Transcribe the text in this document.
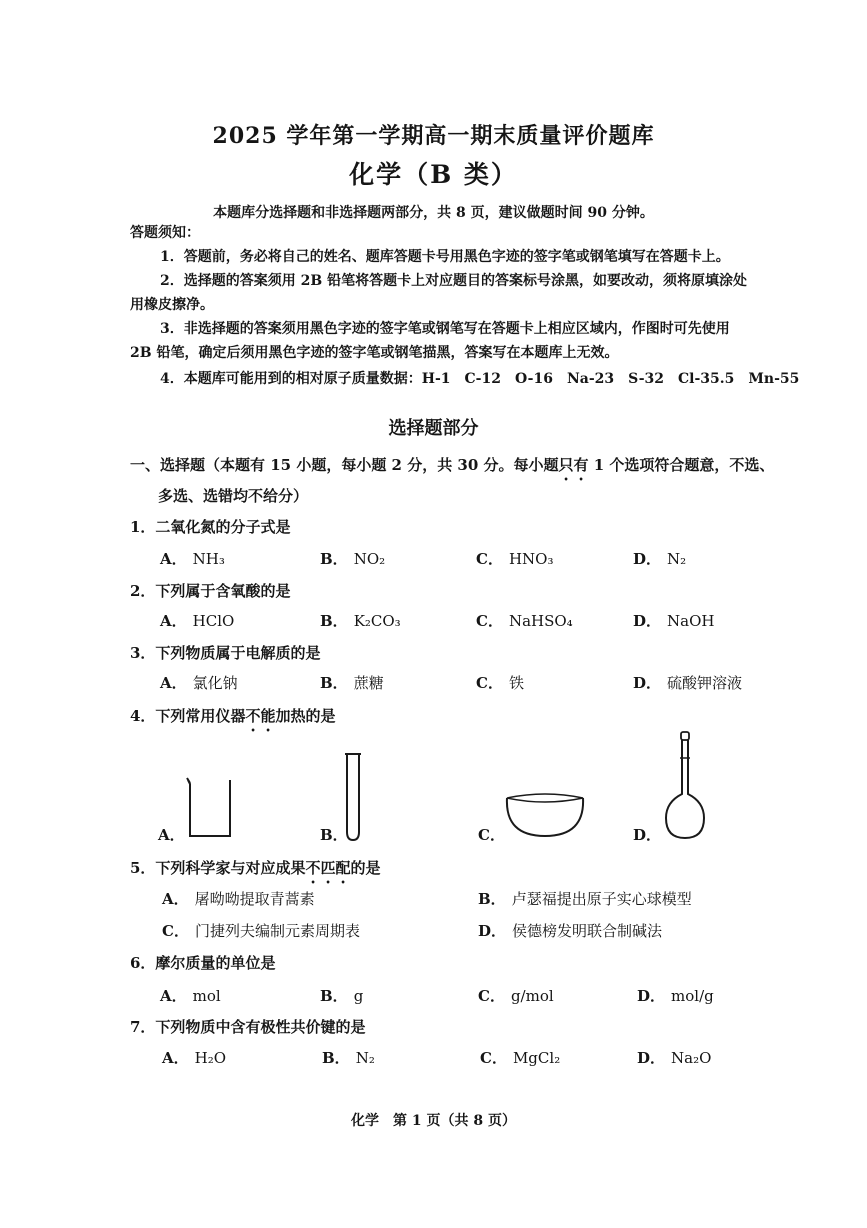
2025 学年第一学期高一期末质量评价题库
化学（B 类）
本题库分选择题和非选择题两部分，共 8 页，建议做题时间 90 分钟。
答题须知：
1．答题前，务必将自己的姓名、题库答题卡号用黑色字迹的签字笔或钢笔填写在答题卡上。
2．选择题的答案须用 2B 铅笔将答题卡上对应题目的答案标号涂黑，如要改动，须将原填涂处
用橡皮擦净。
3．非选择题的答案须用黑色字迹的签字笔或钢笔写在答题卡上相应区域内，作图时可先使用
2B 铅笔，确定后须用黑色字迹的签字笔或钢笔描黑，答案写在本题库上无效。
4．本题库可能用到的相对原子质量数据：H-1　C-12　O-16　Na-23　S-32　Cl-35.5　Mn-55
选择题部分
一、选择题（本题有 15 小题，每小题 2 分，共 30 分。每小题只有 1 个选项符合题意，不选、
多选、选错均不给分）
1．二氧化氮的分子式是
A． NH₃	B． NO₂	C． HNO₃	D． N₂
2．下列属于含氧酸的是
A． HClO	B． K₂CO₃	C． NaHSO₄	D． NaOH
3．下列物质属于电解质的是
A． 氯化钠	B． 蔗糖	C． 铁	D． 硫酸钾溶液
4．下列常用仪器不能加热的是
A．	B．	C．	D．
5．下列科学家与对应成果不匹配的是
A． 屠呦呦提取青蒿素	B． 卢瑟福提出原子实心球模型
C． 门捷列夫编制元素周期表	D． 侯德榜发明联合制碱法
6．摩尔质量的单位是
A． mol	B． g	C． g/mol	D． mol/g
7．下列物质中含有极性共价键的是
A． H₂O	B． N₂	C． MgCl₂	D． Na₂O
化学　第 1 页（共 8 页）
